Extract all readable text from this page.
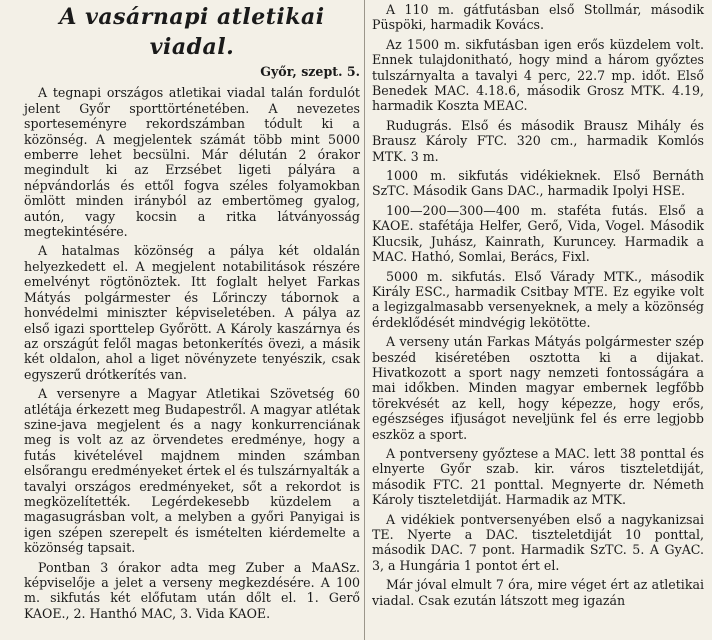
A vasárnapi atletikai viadal.
Győr, szept. 5.

A tegnapi országos atletikai viadal talán fordulót jelent Győr sporttörténetében. A nevezetes sporteseményre rekordszámban tódult ki a közönség. A megjelentek számát több mint 5000 emberre lehet becsülni. Már délután 2 órakor megindult ki az Erzsébet ligeti pályára a népvándorlás és ettől fogva széles folyamokban ömlött minden irányból az embertömeg gyalog, autón, vagy kocsin a ritka látványosság megtekintésére.

A hatalmas közönség a pálya két oldalán helyezkedett el. A megjelent notabilitások részére emelvényt rögtönöztek. Itt foglalt helyet Farkas Mátyás polgármester és Lőrinczy tábornok a honvédelmi miniszter képviseletében. A pálya az első igazi sporttelep Győrött. A Károly kaszárnya és az országút felől magas betonkerítés övezi, a másik két oldalon, ahol a liget növényzete tenyészik, csak egyszerű drótkerítés van.

A versenyre a Magyar Atletikai Szövetség 60 atlétája érkezett meg Budapestről. A magyar atlétak szine-java megjelent és a nagy konkurrenciának meg is volt az az örvendetes eredménye, hogy a futás kivételével majdnem minden számban elsőrangu eredményeket értek el és tulszárnyalták a tavalyi országos eredményeket, sőt a rekordot is megközelítették. Legérdekesebb küzdelem a magasugrásban volt, a melyben a győri Panyigai is igen szépen szerepelt és ismételten kiérdemelte a közönség tapsait.

Pontban 3 órakor adta meg Zuber a MaASz. képviselője a jelet a verseny megkezdésére. A 100 m. sikfutás két előfutam után dőlt el. 1. Gerő KAOE., 2. Hanthó MAC, 3. Vida KAOE.

A 110 m. gátfutásban első Stollmár, második Püspöki, harmadik Kovács.

Az 1500 m. sikfutásban igen erős küzdelem volt. Ennek tulajdonitható, hogy mind a három győztes tulszárnyalta a tavalyi 4 perc, 22.7 mp. időt. Első Benedek MAC. 4.18.6, második Grosz MTK. 4.19, harmadik Koszta MEAC.

Rudugrás. Első és második Brausz Mihály és Brausz Károly FTC. 320 cm., harmadik Komlós MTK. 3 m.

1000 m. sikfutás vidékieknek. Első Bernáth SzTC. Második Gans DAC., harmadik Ipolyi HSE.

100—200—300—400 m. staféta futás. Első a KAOE. stafétája Helfer, Gerő, Vida, Vogel. Második Klucsik, Juhász, Kainrath, Kuruncey. Harmadik a MAC. Hathó, Somlai, Berács, Fixl.

5000 m. sikfutás. Első Várady MTK., második Király ESC., harmadik Csitbay MTE. Ez egyike volt a legizgalmasabb versenyeknek, a mely a közönség érdeklődését mindvégig lekötötte.

A verseny után Farkas Mátyás polgármester szép beszéd kiséretében osztotta ki a dijakat. Hivatkozott a sport nagy nemzeti fontosságára a mai időkben. Minden magyar embernek legfőbb törekvését az kell, hogy képezze, hogy erős, egészséges ifjuságot neveljünk fel és erre legjobb eszköz a sport.

A pontverseny győztese a MAC. lett 38 ponttal és elnyerte Győr szab. kir. város tiszteletdiját, második FTC. 21 ponttal. Megnyerte dr. Németh Károly tiszteletdiját. Harmadik az MTK.

A vidékiek pontversenyében első a nagykanizsai TE. Nyerte a DAC. tiszteletdiját 10 ponttal, második DAC. 7 pont. Harmadik SzTC. 5. A GyAC. 3, a Hungária 1 pontot ért el.

Már jóval elmult 7 óra, mire véget ért az atletikai viadal. Csak ezután látszott meg igazán
